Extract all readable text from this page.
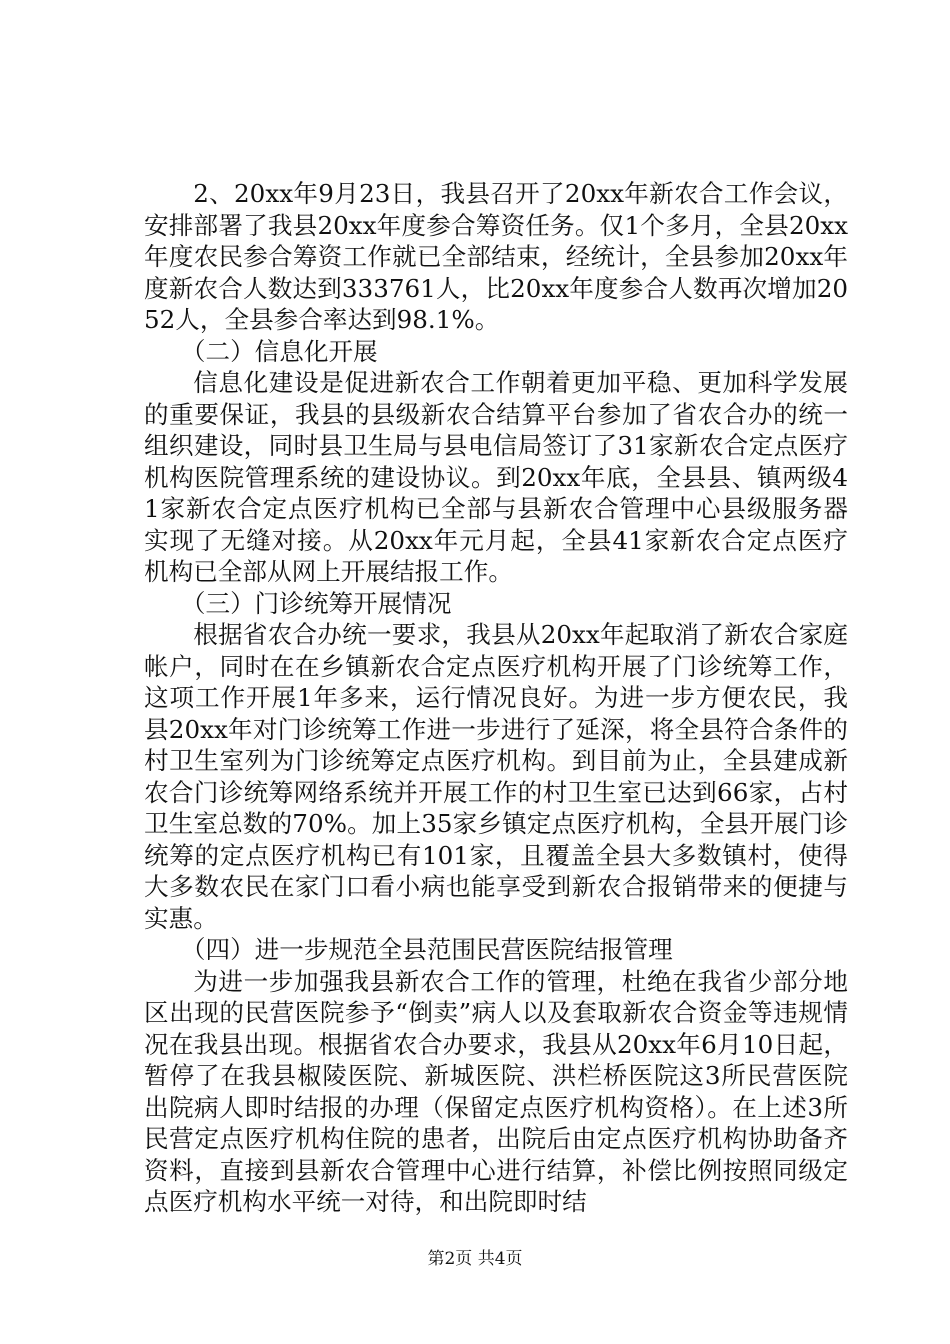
2、20xx年9月23日，我县召开了20xx年新农合工作会议，安排部署了我县20xx年度参合筹资任务。仅1个多月，全县20xx年度农民参合筹资工作就已全部结束，经统计，全县参加20xx年度新农合人数达到333761人，比20xx年度参合人数再次增加2052人，全县参合率达到98.1%。

（二）信息化开展

信息化建设是促进新农合工作朝着更加平稳、更加科学发展的重要保证，我县的县级新农合结算平台参加了省农合办的统一组织建设，同时县卫生局与县电信局签订了31家新农合定点医疗机构医院管理系统的建设协议。到20xx年底，全县县、镇两级41家新农合定点医疗机构已全部与县新农合管理中心县级服务器实现了无缝对接。从20xx年元月起，全县41家新农合定点医疗机构已全部从网上开展结报工作。

（三）门诊统筹开展情况

根据省农合办统一要求，我县从20xx年起取消了新农合家庭帐户，同时在在乡镇新农合定点医疗机构开展了门诊统筹工作，这项工作开展1年多来，运行情况良好。为进一步方便农民，我县20xx年对门诊统筹工作进一步进行了延深，将全县符合条件的村卫生室列为门诊统筹定点医疗机构。到目前为止，全县建成新农合门诊统筹网络系统并开展工作的村卫生室已达到66家，占村卫生室总数的70%。加上35家乡镇定点医疗机构，全县开展门诊统筹的定点医疗机构已有101家，且覆盖全县大多数镇村，使得大多数农民在家门口看小病也能享受到新农合报销带来的便捷与实惠。

（四）进一步规范全县范围民营医院结报管理

为进一步加强我县新农合工作的管理，杜绝在我省少部分地区出现的民营医院参予“倒卖”病人以及套取新农合资金等违规情况在我县出现。根据省农合办要求，我县从20xx年6月10日起，暂停了在我县椒陵医院、新城医院、洪栏桥医院这3所民营医院出院病人即时结报的办理（保留定点医疗机构资格）。在上述3所民营定点医疗机构住院的患者，出院后由定点医疗机构协助备齐资料，直接到县新农合管理中心进行结算，补偿比例按照同级定点医疗机构水平统一对待，和出院即时结

第2页 共4页
